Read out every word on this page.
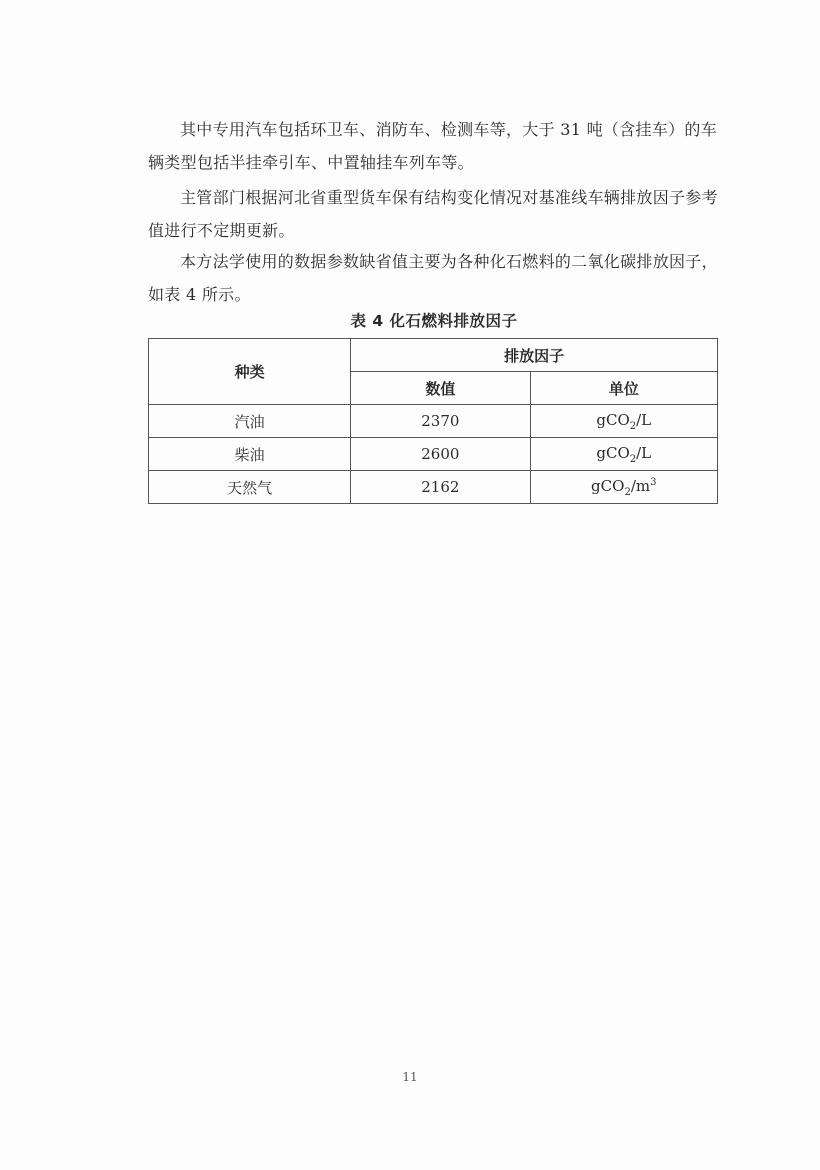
其中专用汽车包括环卫车、消防车、检测车等，大于 31 吨（含挂车）的车辆类型包括半挂牵引车、中置轴挂车列车等。

主管部门根据河北省重型货车保有结构变化情况对基准线车辆排放因子参考值进行不定期更新。

本方法学使用的数据参数缺省值主要为各种化石燃料的二氧化碳排放因子，如表 4 所示。

表 4 化石燃料排放因子
种类	排放因子	
	数值	单位
汽油	2370	gCO$_2$/L
柴油	2600	gCO$_2$/L
天然气	2162	$gCO_2/m^3$
11
